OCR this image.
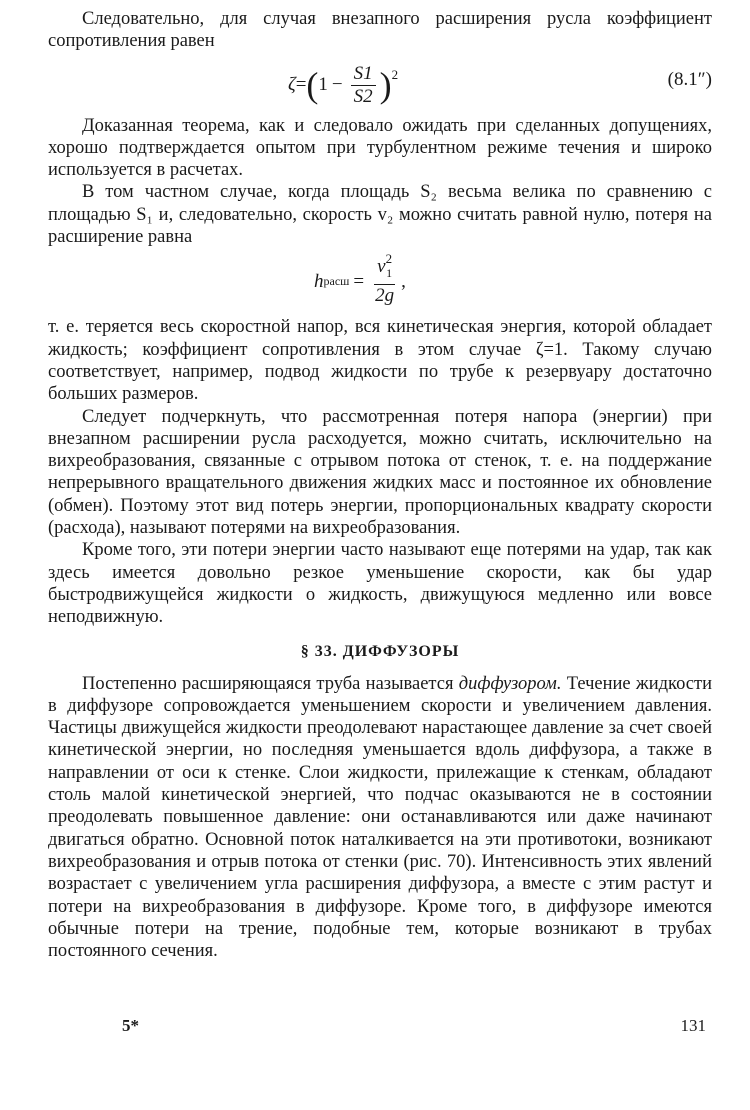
Следовательно, для случая внезапного расширения русла коэффициент сопротивления равен

ζ = ( $1 - \frac{S1}{S2}$ ) 2	(8.1″)

Доказанная теорема, как и следовало ожидать при сделанных допущениях, хорошо подтверждается опытом при турбулентном режиме течения и широко используется в расчетах.

В том частном случае, когда площадь S₂ весьма велика по сравнению с площадью S₁ и, следовательно, скорость v₂ можно считать равной нулю, потеря на расширение равна

h расш = $\frac{v^2_1}{2g}$ ,

т. е. теряется весь скоростной напор, вся кинетическая энергия, которой обладает жидкость; коэффициент сопротивления в этом случае ζ=1. Такому случаю соответствует, например, подвод жидкости по трубе к резервуару достаточно больших размеров.

Следует подчеркнуть, что рассмотренная потеря напора (энергии) при внезапном расширении русла расходуется, можно считать, исключительно на вихреобразования, связанные с отрывом потока от стенок, т. е. на поддержание непрерывного вращательного движения жидких масс и постоянное их обновление (обмен). Поэтому этот вид потерь энергии, пропорциональных квадрату скорости (расхода), называют потерями на вихреобразования.

Кроме того, эти потери энергии часто называют еще потерями на удар, так как здесь имеется довольно резкое уменьшение скорости, как бы удар быстродвижущейся жидкости о жидкость, движущуюся медленно или вовсе неподвижную.

§ 33. ДИФФУЗОРЫ

Постепенно расширяющаяся труба называется диффузором. Течение жидкости в диффузоре сопровождается уменьшением скорости и увеличением давления. Частицы движущейся жидкости преодолевают нарастающее давление за счет своей кинетической энергии, но последняя уменьшается вдоль диффузора, а также в направлении от оси к стенке. Слои жидкости, прилежащие к стенкам, обладают столь малой кинетической энергией, что подчас оказываются не в состоянии преодолевать повышенное давление: они останавливаются или даже начинают двигаться обратно. Основной поток наталкивается на эти противотоки, возникают вихреобразования и отрыв потока от стенки (рис. 70). Интенсивность этих явлений возрастает с увеличением угла расширения диффузора, а вместе с этим растут и потери на вихреобразования в диффузоре. Кроме того, в диффузоре имеются обычные потери на трение, подобные тем, которые возникают в трубах постоянного сечения.

5*	131
